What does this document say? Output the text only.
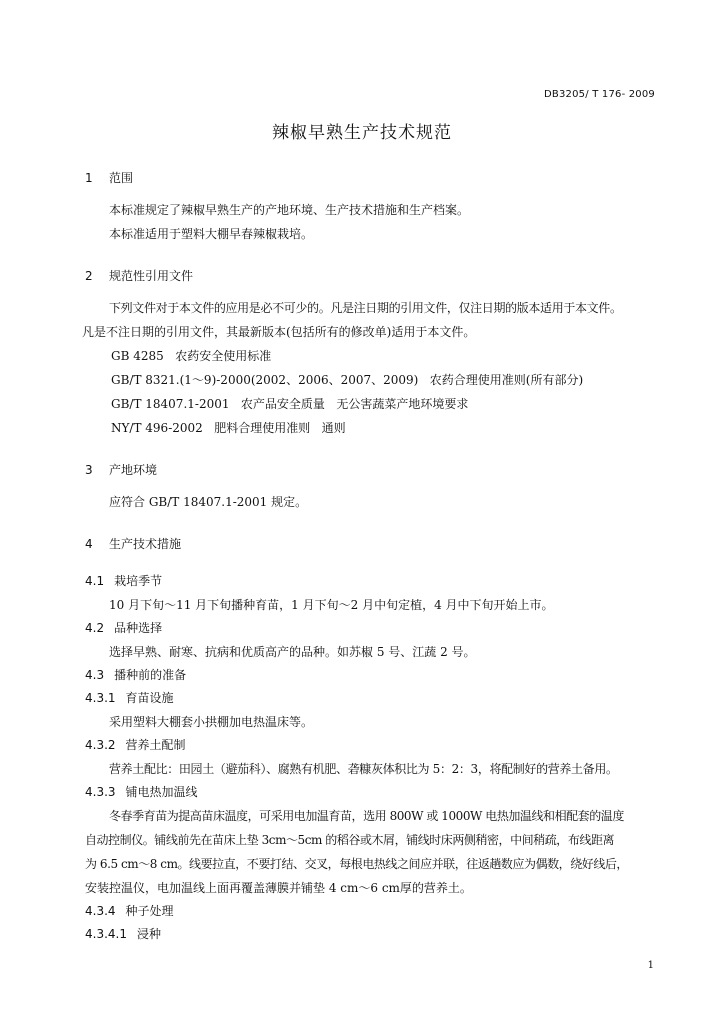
DB3205/ T 176- 2009
辣椒早熟生产技术规范
1 范围

本标准规定了辣椒早熟生产的产地环境、生产技术措施和生产档案。

本标准适用于塑料大棚早春辣椒栽培。

2 规范性引用文件

下列文件对于本文件的应用是必不可少的。凡是注日期的引用文件，仅注日期的版本适用于本文件。

凡是不注日期的引用文件，其最新版本(包括所有的修改单)适用于本文件。

GB 4285   农药安全使用标准

GB/T 8321.(1～9)-2000(2002、2006、2007、2009)   农药合理使用准则(所有部分)

GB/T 18407.1-2001   农产品安全质量   无公害蔬菜产地环境要求

NY/T 496-2002   肥料合理使用准则   通则

3 产地环境

应符合 GB/T 18407.1-2001 规定。

4 生产技术措施
4.1 栽培季节

10 月下旬～11 月下旬播种育苗，1 月下旬～2 月中旬定植，4 月中下旬开始上市。

4.2 品种选择

选择早熟、耐寒、抗病和优质高产的品种。如苏椒 5 号、江蔬 2 号。

4.3 播种前的准备
4.3.1 育苗设施

采用塑料大棚套小拱棚加电热温床等。

4.3.2 营养土配制

营养土配比：田园土（避茄科）、腐熟有机肥、砻糠灰体积比为 5：2：3，将配制好的营养土备用。

4.3.3 铺电热加温线

冬春季育苗为提高苗床温度，可采用电加温育苗，选用 800W 或 1000W 电热加温线和相配套的温度

自动控制仪。铺线前先在苗床上垫 3cm～5cm 的稻谷或木屑，铺线时床两侧稍密，中间稍疏，布线距离

为 6.5 cm～8 cm。线要拉直，不要打结、交叉，每根电热线之间应并联，往返趟数应为偶数，绕好线后，

安装控温仪，电加温线上面再覆盖薄膜并铺垫 4 cm～6 cm厚的营养土。

4.3.4 种子处理
4.3.4.1 浸种
1
